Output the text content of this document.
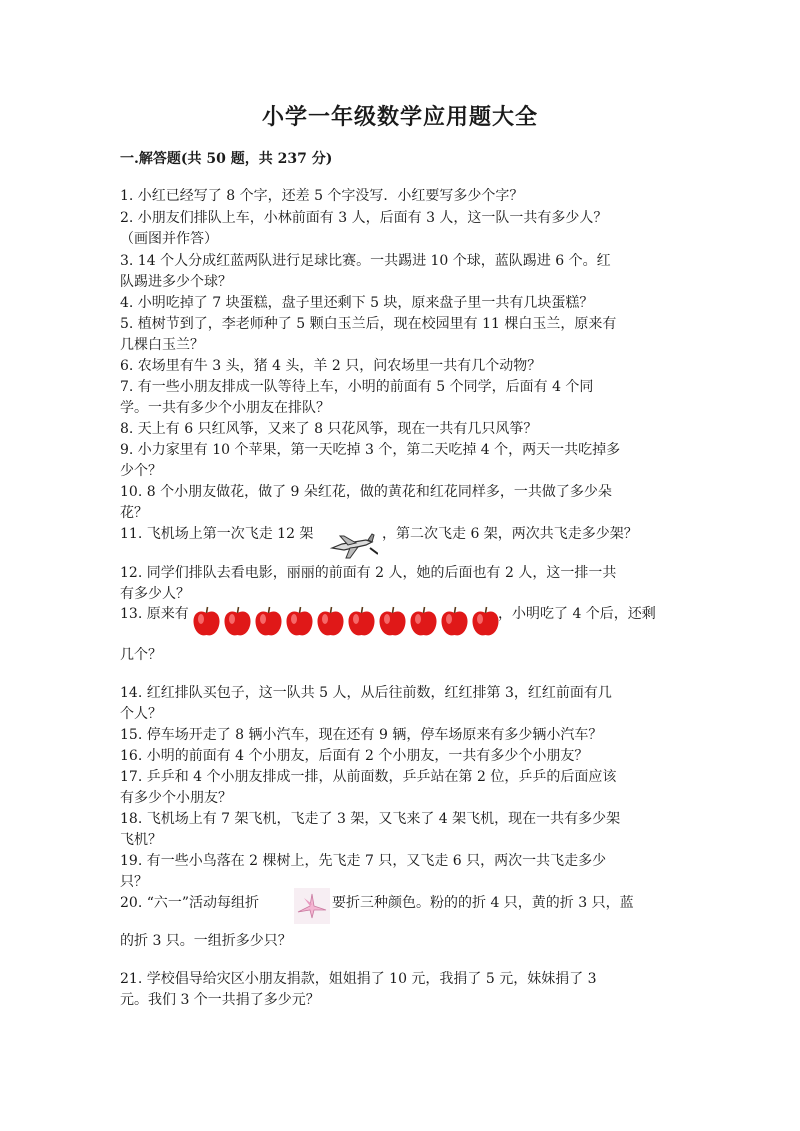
小学一年级数学应用题大全
一.解答题(共 50 题，共 237 分)
1. 小红已经写了 8 个字，还差 5 个字没写．小红要写多少个字？
2. 小朋友们排队上车，小林前面有 3 人，后面有 3 人，这一队一共有多少人？
（画图并作答）
3. 14 个人分成红蓝两队进行足球比赛。一共踢进 10 个球，蓝队踢进 6 个。红
队踢进多少个球？
4. 小明吃掉了 7 块蛋糕，盘子里还剩下 5 块，原来盘子里一共有几块蛋糕？
5. 植树节到了，李老师种了 5 颗白玉兰后，现在校园里有 11 棵白玉兰，原来有
几棵白玉兰？
6. 农场里有牛 3 头，猪 4 头，羊 2 只，问农场里一共有几个动物？
7. 有一些小朋友排成一队等待上车，小明的前面有 5 个同学，后面有 4 个同
学。一共有多少个小朋友在排队？
8. 天上有 6 只红风筝，又来了 8 只花风筝，现在一共有几只风筝？
9. 小力家里有 10 个苹果，第一天吃掉 3 个，第二天吃掉 4 个，两天一共吃掉多
少个？
10. 8 个小朋友做花，做了 9 朵红花，做的黄花和红花同样多，一共做了多少朵
花？
11. 飞机场上第一次飞走 12 架	，第二次飞走 6 架，两次共飞走多少架？
12. 同学们排队去看电影，丽丽的前面有 2 人，她的后面也有 2 人，这一排一共
有多少人？
13. 原来有	，小明吃了 4 个后，还剩
几个？
14. 红红排队买包子，这一队共 5 人，从后往前数，红红排第 3，红红前面有几
个人？
15. 停车场开走了 8 辆小汽车，现在还有 9 辆，停车场原来有多少辆小汽车？
16. 小明的前面有 4 个小朋友，后面有 2 个小朋友，一共有多少个小朋友？
17. 乒乒和 4 个小朋友排成一排，从前面数，乒乒站在第 2 位，乒乒的后面应该
有多少个小朋友？
18. 飞机场上有 7 架飞机，飞走了 3 架，又飞来了 4 架飞机，现在一共有多少架
飞机？
19. 有一些小鸟落在 2 棵树上，先飞走 7 只，又飞走 6 只，两次一共飞走多少
只？
20. “六一”活动每组折	要折三种颜色。粉的的折 4 只，黄的折 3 只，蓝
的折 3 只。一组折多少只？
21. 学校倡导给灾区小朋友捐款，姐姐捐了 10 元，我捐了 5 元，妹妹捐了 3
元。我们 3 个一共捐了多少元？
